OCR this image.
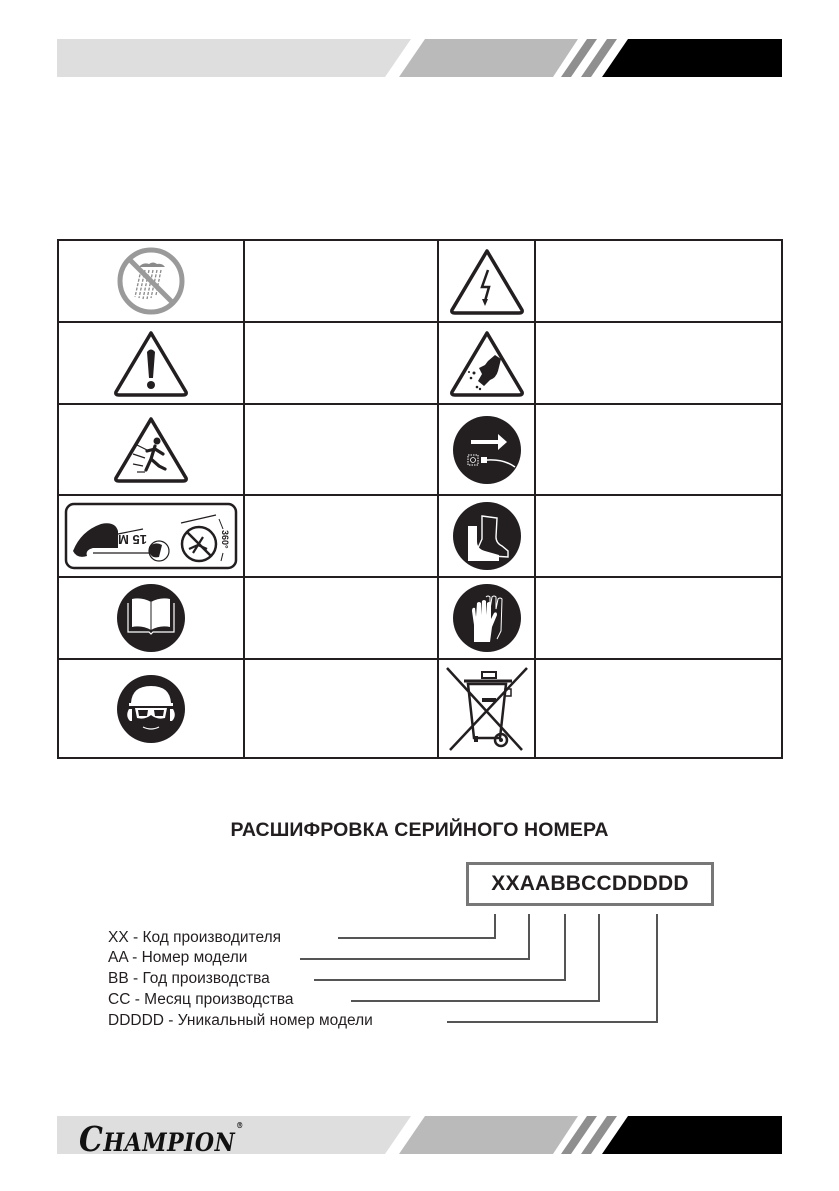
15 M 360°

РАСШИФРОВКА СЕРИЙНОГО НОМЕРА
XXAABBCCDDDDD
XX - Код производителя
AA - Номер модели
BB - Год производства
CC - Месяц производства
DDDDD - Уникальный номер модели
CHAMPION®
